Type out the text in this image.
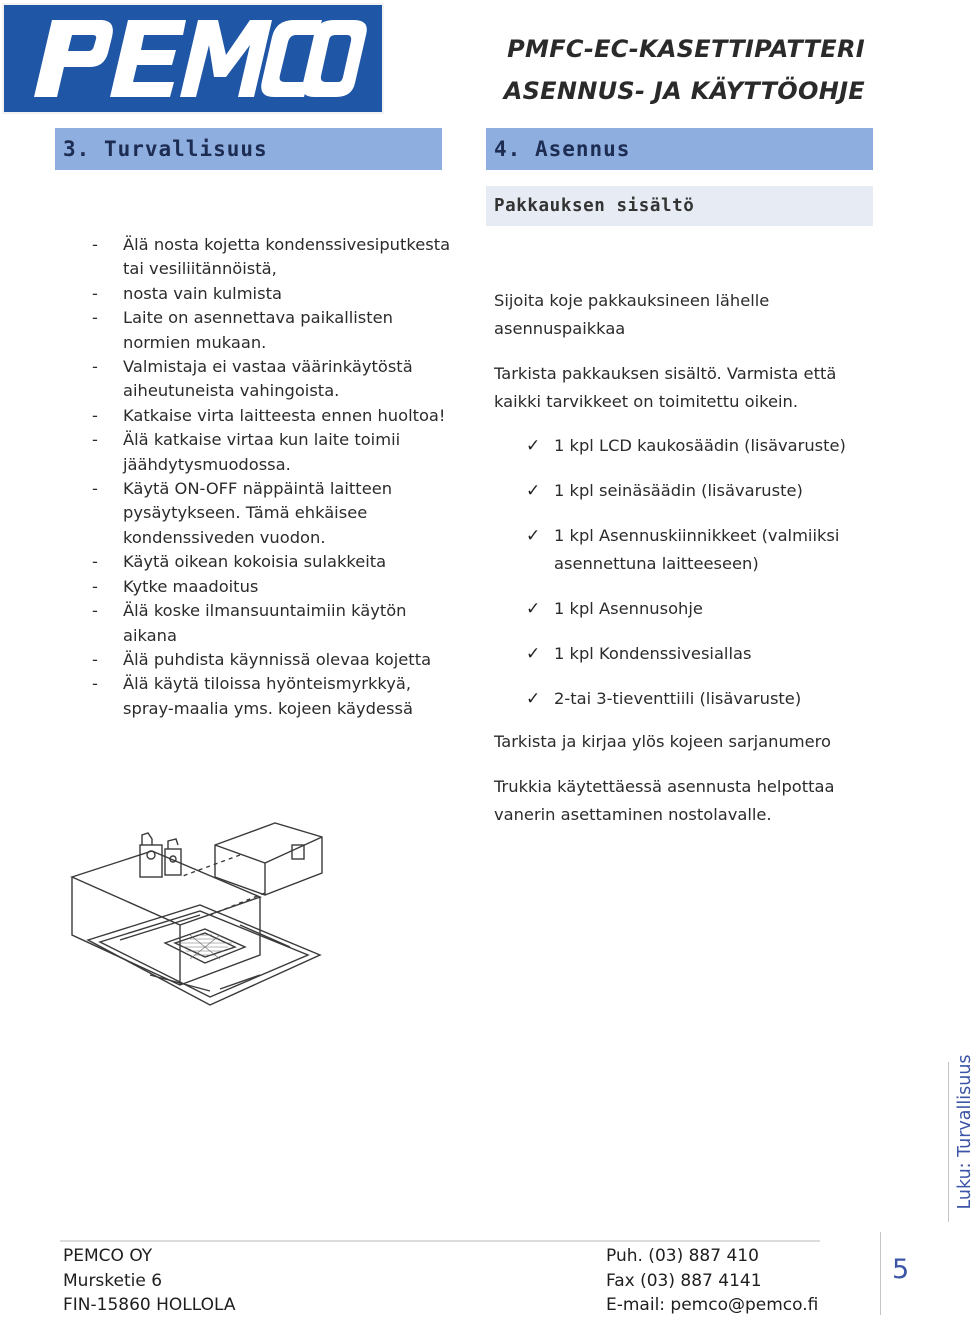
PMFC-EC-KASETTIPATTERI
ASENNUS- JA KÄYTTÖOHJE
3. Turvallisuus	4. Asennus
Pakkauksen sisältö
- Älä nosta kojetta kondenssivesiputkesta tai vesiliitännöistä,
- nosta vain kulmista
- Laite on asennettava paikallisten normien mukaan.
- Valmistaja ei vastaa väärinkäytöstä aiheutuneista vahingoista.
- Katkaise virta laitteesta ennen huoltoa!
- Älä katkaise virtaa kun laite toimii jäähdytysmuodossa.
- Käytä ON-OFF näppäintä laitteen pysäytykseen. Tämä ehkäisee kondenssiveden vuodon.
- Käytä oikean kokoisia sulakkeita
- Kytke maadoitus
- Älä koske ilmansuuntaimiin käytön aikana
- Älä puhdista käynnissä olevaa kojetta
- Älä käytä tiloissa hyönteismyrkkyä, spray-maalia yms. kojeen käydessä

Sijoita koje pakkauksineen lähelle asennuspaikkaa

Tarkista pakkauksen sisältö. Varmista että kaikki tarvikkeet on toimitettu oikein.

✓ 1 kpl LCD kaukosäädin (lisävaruste)
✓ 1 kpl seinäsäädin (lisävaruste)
✓ 1 kpl Asennuskiinnikkeet (valmiiksi asennettuna laitteeseen)
✓ 1 kpl Asennusohje
✓ 1 kpl Kondenssivesiallas
✓ 2-tai 3-tieventtiili (lisävaruste)

Tarkista ja kirjaa ylös kojeen sarjanumero

Trukkia käytettäessä asennusta helpottaa vanerin asettaminen nostolavalle.

Luku: Turvallisuus
PEMCO OY
Mursketie 6
FIN-15860 HOLLOLA
Puh. (03) 887 410
Fax (03) 887 4141
E-mail: pemco@pemco.fi
5
